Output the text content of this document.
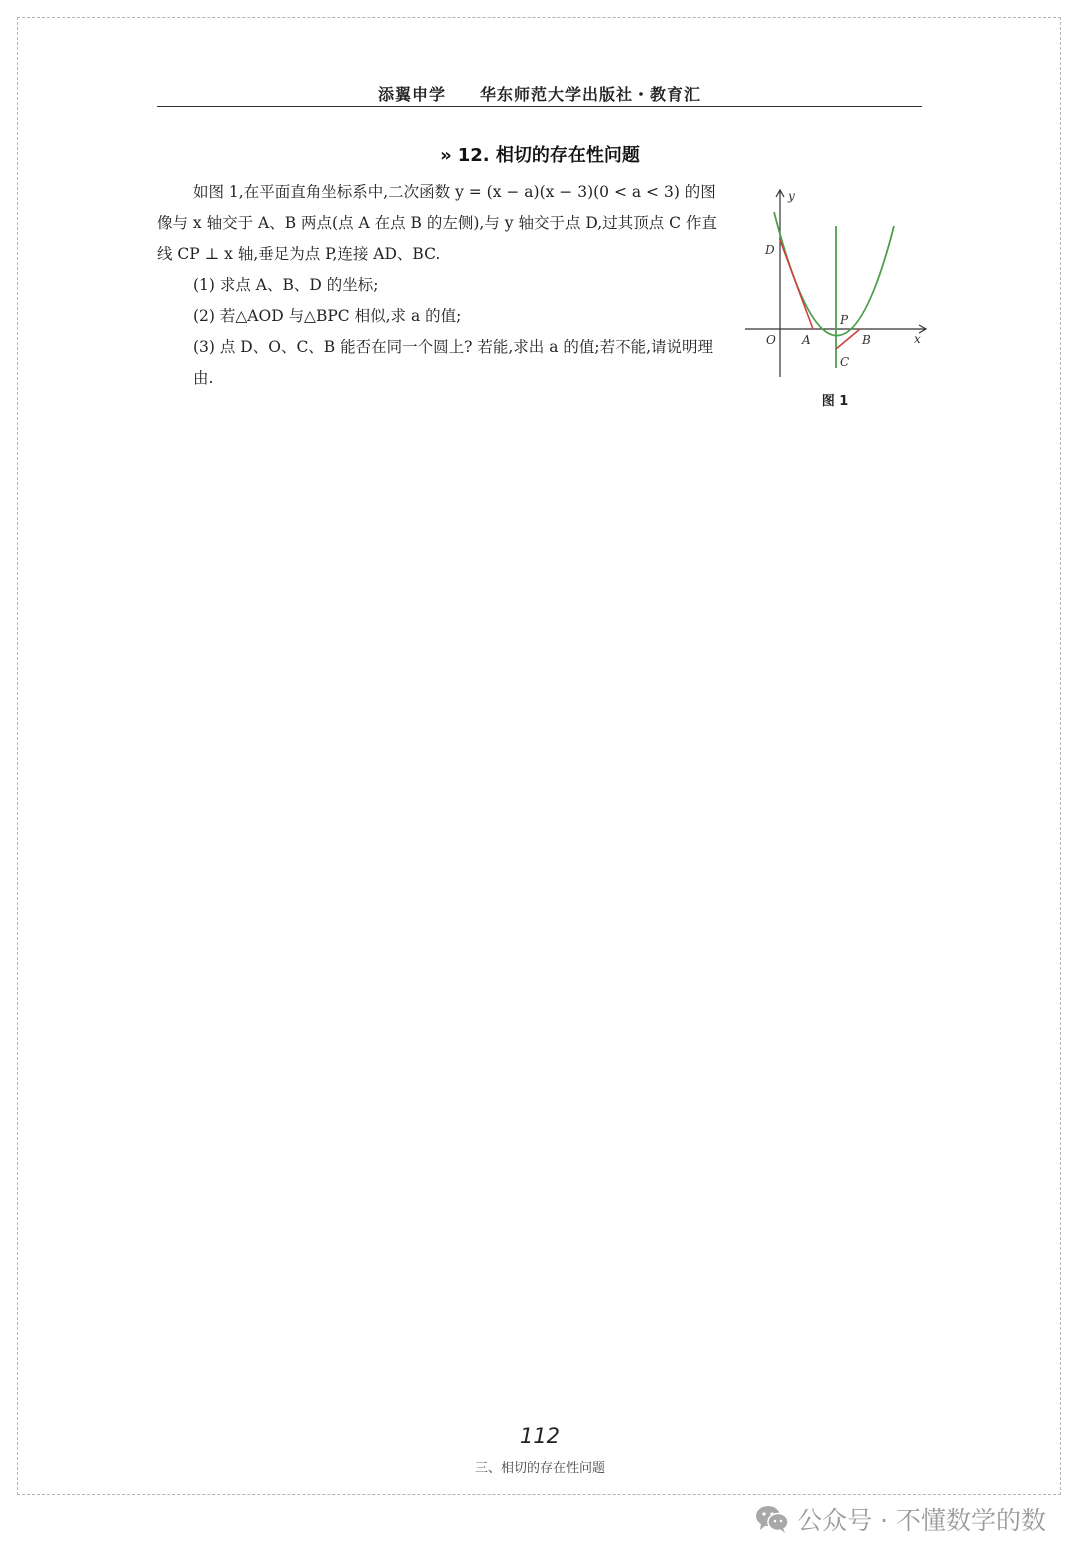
添翼申学 华东师范大学出版社・教育汇
» 12. 相切的存在性问题

如图 1,在平面直角坐标系中,二次函数 y = (x − a)(x − 3)(0 < a < 3) 的图像与 x 轴交于 A、B 两点(点 A 在点 B 的左侧),与 y 轴交于点 D,过其顶点 C 作直线 CP ⊥ x 轴,垂足为点 P,连接 AD、BC.

(1) 求点 A、B、D 的坐标;

(2) 若△AOD 与△BPC 相似,求 a 的值;

(3) 点 D、O、C、B 能否在同一个圆上? 若能,求出 a 的值;若不能,请说明理由.

y
x
O A	B
C
D
P
图 1
112
三、相切的存在性问题
公众号 · 不懂数学的数
